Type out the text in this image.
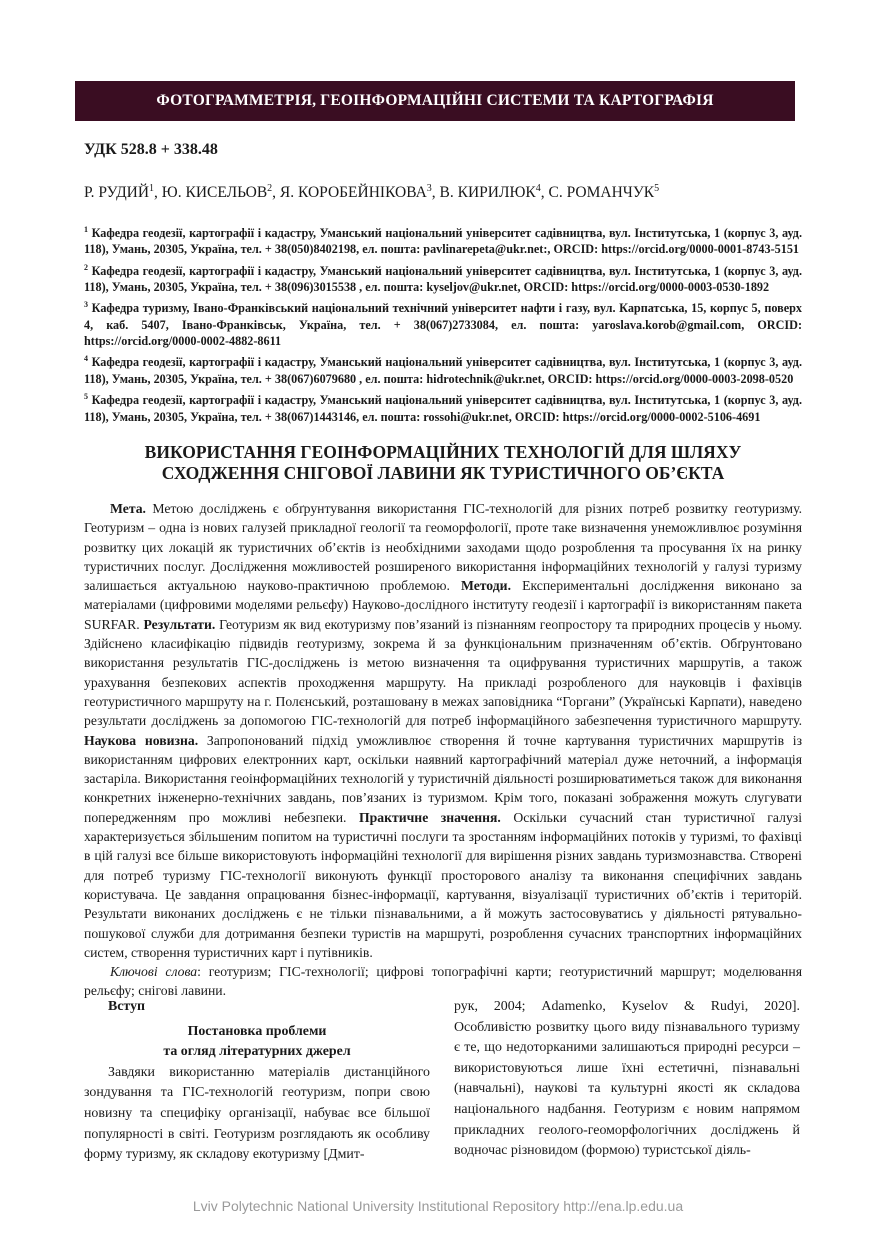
ФОТОГРАММЕТРІЯ, ГЕОІНФОРМАЦІЙНІ СИСТЕМИ ТА КАРТОГРАФІЯ
УДК 528.8 + 338.48
Р. РУДИЙ$^1$, Ю. КИСЕЛЬОВ$^2$, Я. КОРОБЕЙНІКОВА$^3$, В. КИРИЛЮК$^4$, С. РОМАНЧУК$^5$

$^1$ Кафедра геодезії, картографії і кадастру, Уманський національний університет садівництва, вул. Інститутська, 1 (корпус 3, ауд. 118), Умань, 20305, Україна, тел. + 38(050)8402198, ел. пошта: pavlinarepeta@ukr.net:, ORCID: https://orcid.org/0000-0001-8743-5151

$^2$ Кафедра геодезії, картографії і кадастру, Уманський національний університет садівництва, вул. Інститутська, 1 (корпус 3, ауд. 118), Умань, 20305, Україна, тел. + 38(096)3015538 , ел. пошта: kyseljov@ukr.net, ORCID: https://orcid.org/0000-0003-0530-1892

$^3$ Кафедра туризму, Івано-Франківський національний технічний університет нафти і газу, вул. Карпатська, 15, корпус 5, поверх 4, каб. 5407, Івано-Франківськ, Україна, тел. + 38(067)2733084, ел. пошта: yaroslava.korob@gmail.com, ORCID: https://orcid.org/0000-0002-4882-8611

$^4$ Кафедра геодезії, картографії і кадастру, Уманський національний університет садівництва, вул. Інститутська, 1 (корпус 3, ауд. 118), Умань, 20305, Україна, тел. + 38(067)6079680 , ел. пошта: hidrotechnik@ukr.net, ORCID: https://orcid.org/0000-0003-2098-0520

$^5$ Кафедра геодезії, картографії і кадастру, Уманський національний університет садівництва, вул. Інститутська, 1 (корпус 3, ауд. 118), Умань, 20305, Україна, тел. + 38(067)1443146, ел. пошта: rossohi@ukr.net, ORCID: https://orcid.org/0000-0002-5106-4691

ВИКОРИСТАННЯ ГЕОІНФОРМАЦІЙНИХ ТЕХНОЛОГІЙ ДЛЯ ШЛЯХУ
СХОДЖЕННЯ СНІГОВОЇ ЛАВИНИ ЯК ТУРИСТИЧНОГО ОБ’ЄКТА

Мета. Метою досліджень є обґрунтування використання ГІС-технологій для різних потреб розвитку геотуризму. Геотуризм – одна із нових галузей прикладної геології та геоморфології, проте таке визначення унеможливлює розуміння розвитку цих локацій як туристичних об’єктів із необхідними заходами щодо розроблення та просування їх на ринку туристичних послуг. Дослідження можливостей розширеного використання інформаційних технологій у галузі туризму залишається актуальною науково-практичною проблемою. Методи. Експериментальні дослідження виконано за матеріалами (цифровими моделями рельєфу) Науково-дослідного інституту геодезії і картографії із використанням пакета SURFAR. Результати. Геотуризм як вид екотуризму пов’язаний із пізнанням геопростору та природних процесів у ньому. Здійснено класифікацію підвидів геотуризму, зокрема й за функціональним призначенням об’єктів. Обґрунтовано використання результатів ГІС-досліджень із метою визначення та оцифрування туристичних маршрутів, а також урахування безпекових аспектів проходження маршруту. На прикладі розробленого для науковців і фахівців геотуристичного маршруту на г. Полєнський, розташовану в межах заповідника “Горгани” (Українські Карпати), наведено результати досліджень за допомогою ГІС-технологій для потреб інформаційного забезпечення туристичного маршруту. Наукова новизна. Запропонований підхід уможливлює створення й точне картування туристичних маршрутів із використанням цифрових електронних карт, оскільки наявний картографічний матеріал дуже неточний, а інформація застаріла. Використання геоінформаційних технологій у туристичній діяльності розширюватиметься також для виконання конкретних інженерно-технічних завдань, пов’язаних із туризмом. Крім того, показані зображення можуть слугувати попередженням про можливі небезпеки. Практичне значення. Оскільки сучасний стан туристичної галузі характеризується збільшеним попитом на туристичні послуги та зростанням інформаційних потоків у туризмі, то фахівці в цій галузі все більше використовують інформаційні технології для вирішення різних завдань туризмознавства. Створені для потреб туризму ГІС-технології виконують функції просторового аналізу та виконання специфічних завдань користувача. Це завдання опрацювання бізнес-інформації, картування, візуалізації туристичних об’єктів і територій. Результати виконаних досліджень є не тільки пізнавальними, а й можуть застосовуватись у діяльності рятувально-пошукової служби для дотримання безпеки туристів на маршруті, розроблення сучасних транспортних інформаційних систем, створення туристичних карт і путівників.

Ключові слова: геотуризм; ГІС-технології; цифрові топографічні карти; геотуристичний маршрут; моделювання рельєфу; снігові лавини.

Вступ
Постановка проблеми
та огляд літературних джерел

Завдяки використанню матеріалів дистанційного зондування та ГІС-технологій геотуризм, попри свою новизну та специфіку організації, набуває все більшої популярності в світі. Геотуризм розглядають як особливу форму туризму, як складову екотуризму [Дмит-

рук, 2004; Adamenko, Kyselov & Rudyi, 2020]. Особливістю розвитку цього виду пізнавального туризму є те, що недоторканими залишаються природні ресурси – використовуються лише їхні естетичні, пізнавальні (навчальні), наукові та культурні якості як складова національного надбання. Геотуризм є новим напрямом прикладних геолого-геоморфологічних досліджень й водночас різновидом (формою) туристської діяль-

Lviv Polytechnic National University Institutional Repository http://ena.lp.edu.ua
